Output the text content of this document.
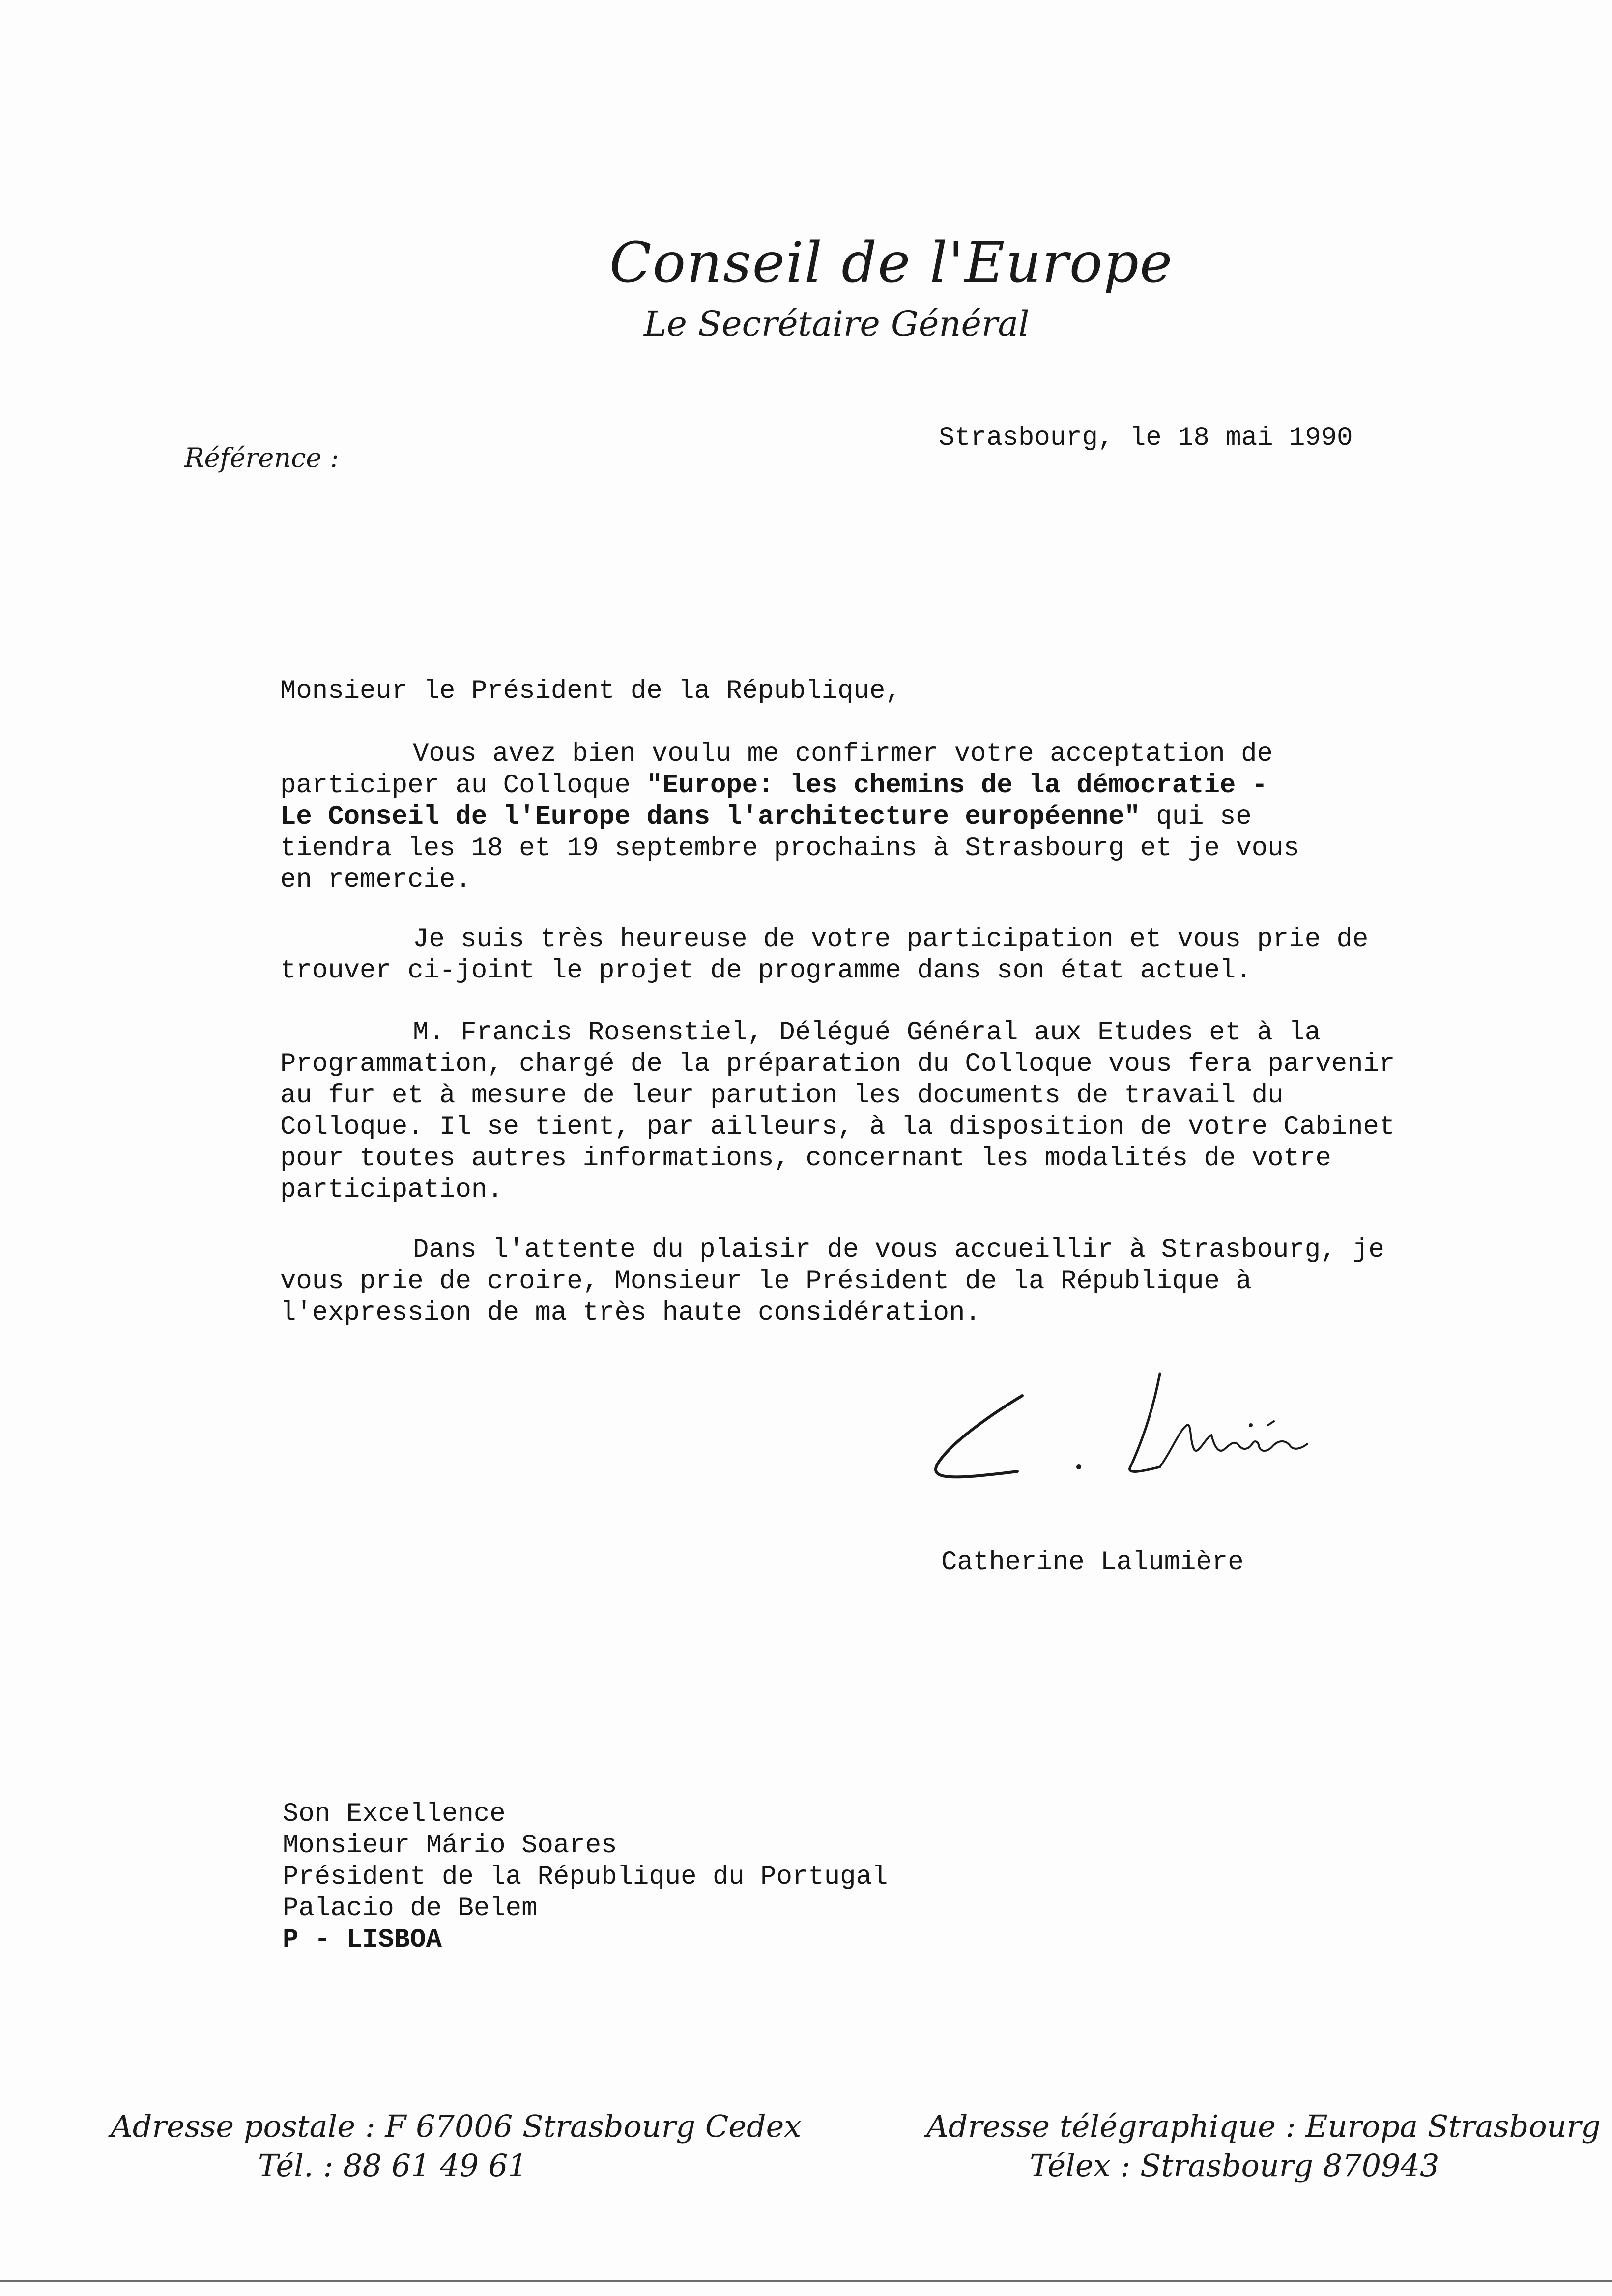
Conseil de l'Europe
Le Secrétaire Général
Référence :
Strasbourg, le 18 mai 1990
Monsieur le Président de la République,
Vous avez bien voulu me confirmer votre acceptation de
participer au Colloque "Europe: les chemins de la démocratie -
Le Conseil de l'Europe dans l'architecture européenne" qui se
tiendra les 18 et 19 septembre prochains à Strasbourg et je vous
en remercie.
Je suis très heureuse de votre participation et vous prie de
trouver ci-joint le projet de programme dans son état actuel.
M. Francis Rosenstiel, Délégué Général aux Etudes et à la
Programmation, chargé de la préparation du Colloque vous fera parvenir
au fur et à mesure de leur parution les documents de travail du
Colloque. Il se tient, par ailleurs, à la disposition de votre Cabinet
pour toutes autres informations, concernant les modalités de votre
participation.
Dans l'attente du plaisir de vous accueillir à Strasbourg, je
vous prie de croire, Monsieur le Président de la République à
l'expression de ma très haute considération.
Catherine Lalumière
Son Excellence
Monsieur Mário Soares
Président de la République du Portugal
Palacio de Belem
P - LISBOA
Adresse postale : F 67006 Strasbourg Cedex
Tél. : 88 61 49 61
Adresse télégraphique : Europa Strasbourg
Télex : Strasbourg 870943
